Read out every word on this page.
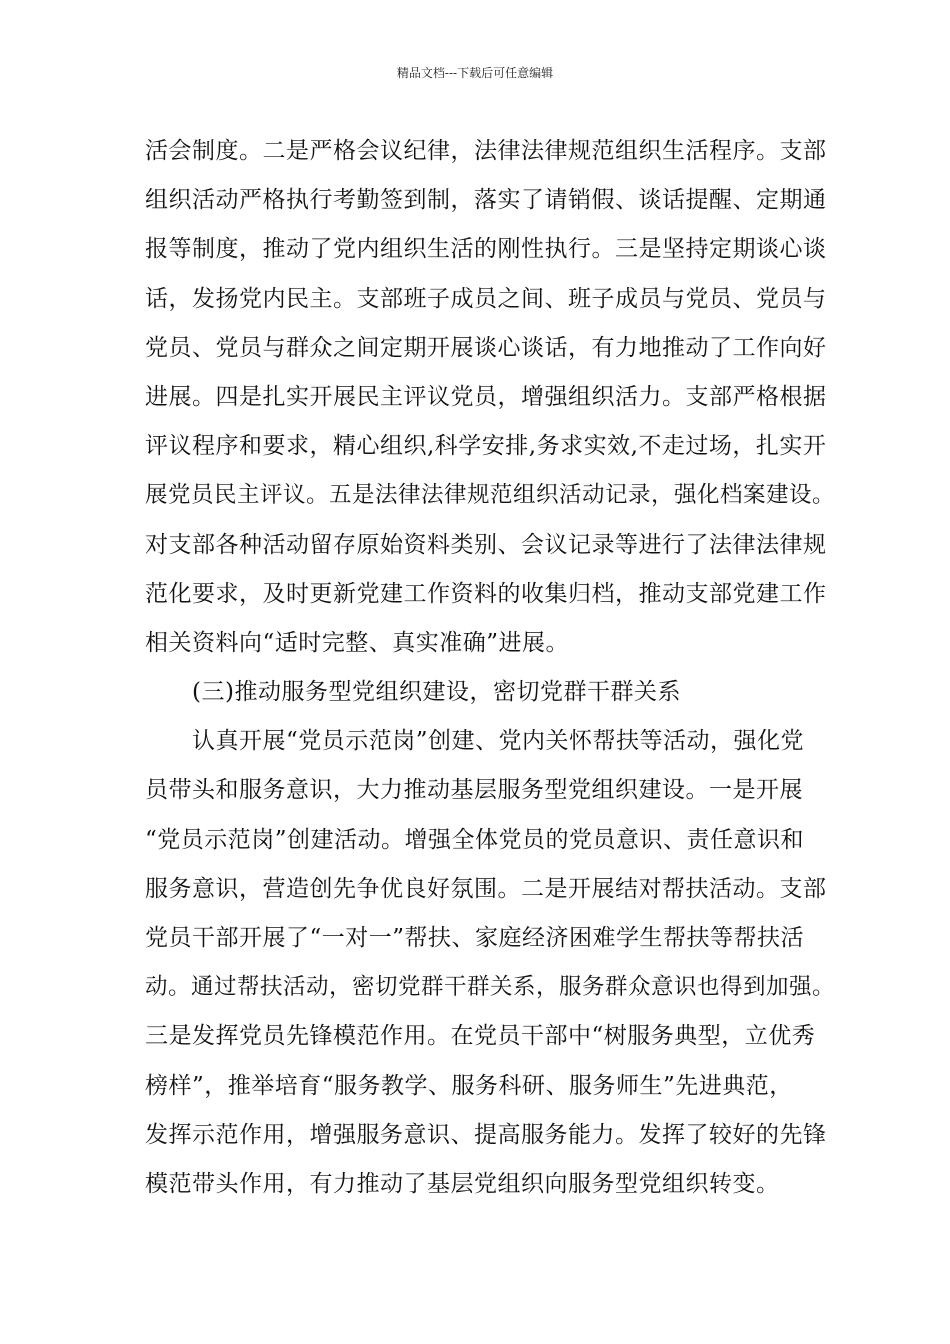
精品文档---下载后可任意编辑
活会制度。二是严格会议纪律，法律法律规范组织生活程序。支部
组织活动严格执行考勤签到制，落实了请销假、谈话提醒、定期通
报等制度，推动了党内组织生活的刚性执行。三是坚持定期谈心谈
话，发扬党内民主。支部班子成员之间、班子成员与党员、党员与
党员、党员与群众之间定期开展谈心谈话，有力地推动了工作向好
进展。四是扎实开展民主评议党员，增强组织活力。支部严格根据
评议程序和要求，精心组织,科学安排,务求实效,不走过场，扎实开
展党员民主评议。五是法律法律规范组织活动记录，强化档案建设。
对支部各种活动留存原始资料类别、会议记录等进行了法律法律规
范化要求，及时更新党建工作资料的收集归档，推动支部党建工作
相关资料向“适时完整、真实准确”进展。
(三)推动服务型党组织建设，密切党群干群关系
认真开展“党员示范岗”创建、党内关怀帮扶等活动，强化党
员带头和服务意识，大力推动基层服务型党组织建设。一是开展
“党员示范岗”创建活动。增强全体党员的党员意识、责任意识和
服务意识，营造创先争优良好氛围。二是开展结对帮扶活动。支部
党员干部开展了“一对一”帮扶、家庭经济困难学生帮扶等帮扶活
动。通过帮扶活动，密切党群干群关系，服务群众意识也得到加强。
三是发挥党员先锋模范作用。在党员干部中“树服务典型，立优秀
榜样”，推举培育“服务教学、服务科研、服务师生”先进典范，
发挥示范作用，增强服务意识、提高服务能力。发挥了较好的先锋
模范带头作用，有力推动了基层党组织向服务型党组织转变。
